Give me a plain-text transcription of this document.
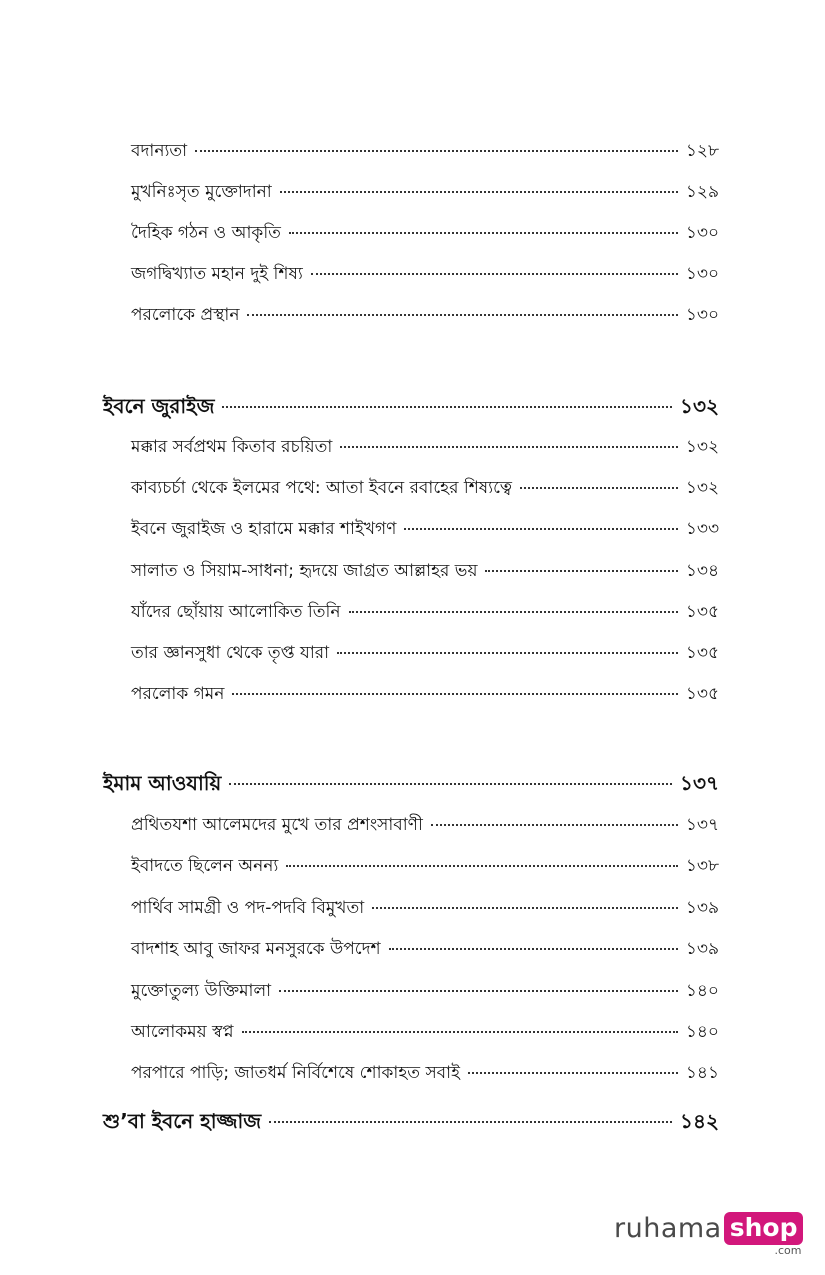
বদান্যতা	১২৮
মুখনিঃসৃত মুক্তোদানা	১২৯
দৈহিক গঠন ও আকৃতি	১৩০
জগদ্বিখ্যাত মহান দুই শিষ্য	১৩০
পরলোকে প্রস্থান	১৩০
ইবনে জুরাইজ	১৩২
মক্কার সর্বপ্রথম কিতাব রচয়িতা	১৩২
কাব্যচর্চা থেকে ইলমের পথে: আতা ইবনে রবাহের শিষ্যত্বে	১৩২
ইবনে জুরাইজ ও হারামে মক্কার শাইখগণ	১৩৩
সালাত ও সিয়াম-সাধনা; হৃদয়ে জাগ্রত আল্লাহর ভয়	১৩৪
যাঁদের ছোঁয়ায় আলোকিত তিনি	১৩৫
তার জ্ঞানসুধা থেকে তৃপ্ত যারা	১৩৫
পরলোক গমন	১৩৫
ইমাম আওযায়ি	১৩৭
প্রথিতযশা আলেমদের মুখে তার প্রশংসাবাণী	১৩৭
ইবাদতে ছিলেন অনন্য	১৩৮
পার্থিব সামগ্রী ও পদ-পদবি বিমুখতা	১৩৯
বাদশাহ আবু জাফর মনসুরকে উপদেশ	১৩৯
মুক্তোতুল্য উক্তিমালা	১৪০
আলোকময় স্বপ্ন	১৪০
পরপারে পাড়ি; জাতধর্ম নির্বিশেষে শোকাহত সবাই	১৪১
শু’বা ইবনে হাজ্জাজ	১৪২
ruhama shop
.com
